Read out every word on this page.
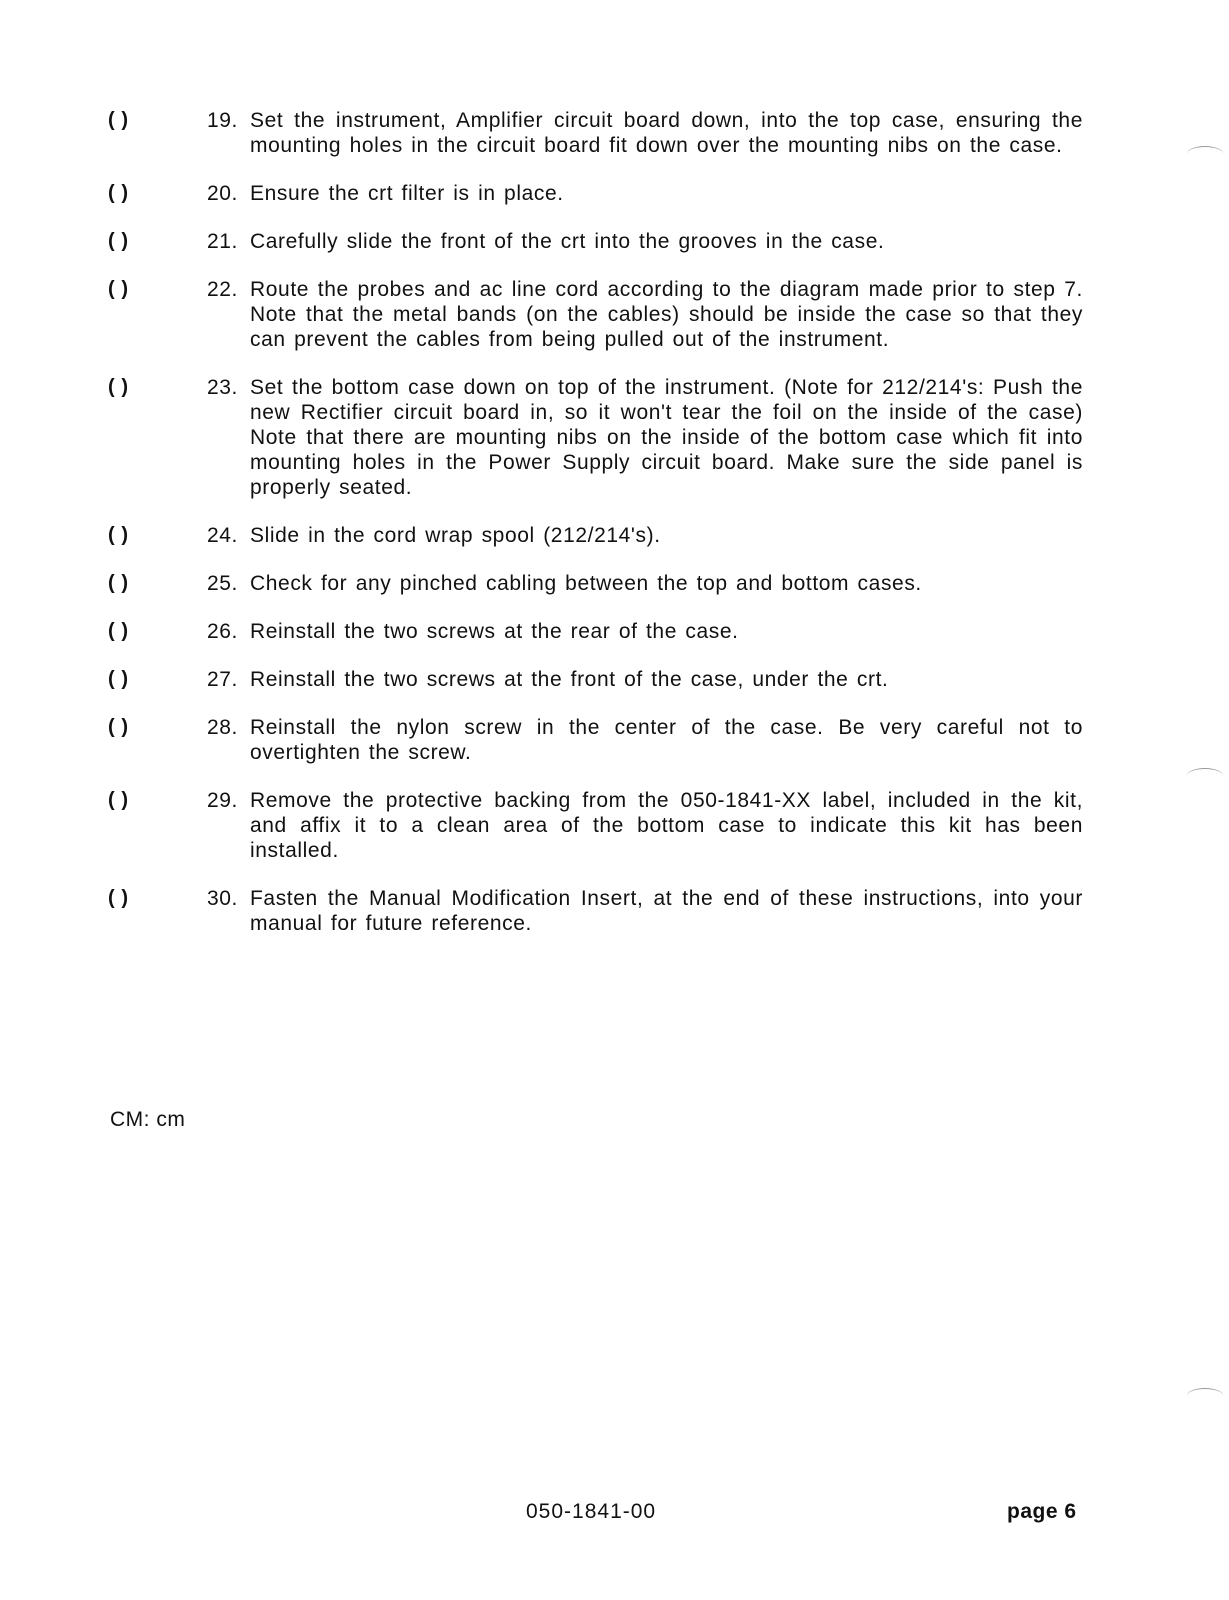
( )	19. Set the instrument, Amplifier circuit board down, into the top case, ensuring the mounting holes in the circuit board fit down over the mounting nibs on the case.
( )	20. Ensure the crt filter is in place.
( )	21. Carefully slide the front of the crt into the grooves in the case.
( )	22. Route the probes and ac line cord according to the diagram made prior to step 7. Note that the metal bands (on the cables) should be inside the case so that they can prevent the cables from being pulled out of the instrument.
( )	23. Set the bottom case down on top of the instrument. (Note for 212/214's: Push the new Rectifier circuit board in, so it won't tear the foil on the inside of the case) Note that there are mounting nibs on the inside of the bottom case which fit into mounting holes in the Power Supply circuit board. Make sure the side panel is properly seated.
( )	24. Slide in the cord wrap spool (212/214's).
( )	25. Check for any pinched cabling between the top and bottom cases.
( )	26. Reinstall the two screws at the rear of the case.
( )	27. Reinstall the two screws at the front of the case, under the crt.
( )	28. Reinstall the nylon screw in the center of the case. Be very careful not to overtighten the screw.
( )	29. Remove the protective backing from the 050-1841-XX label, included in the kit, and affix it to a clean area of the bottom case to indicate this kit has been installed.
( )	30. Fasten the Manual Modification Insert, at the end of these instructions, into your manual for future reference.
CM: cm
050-1841-00	page 6
